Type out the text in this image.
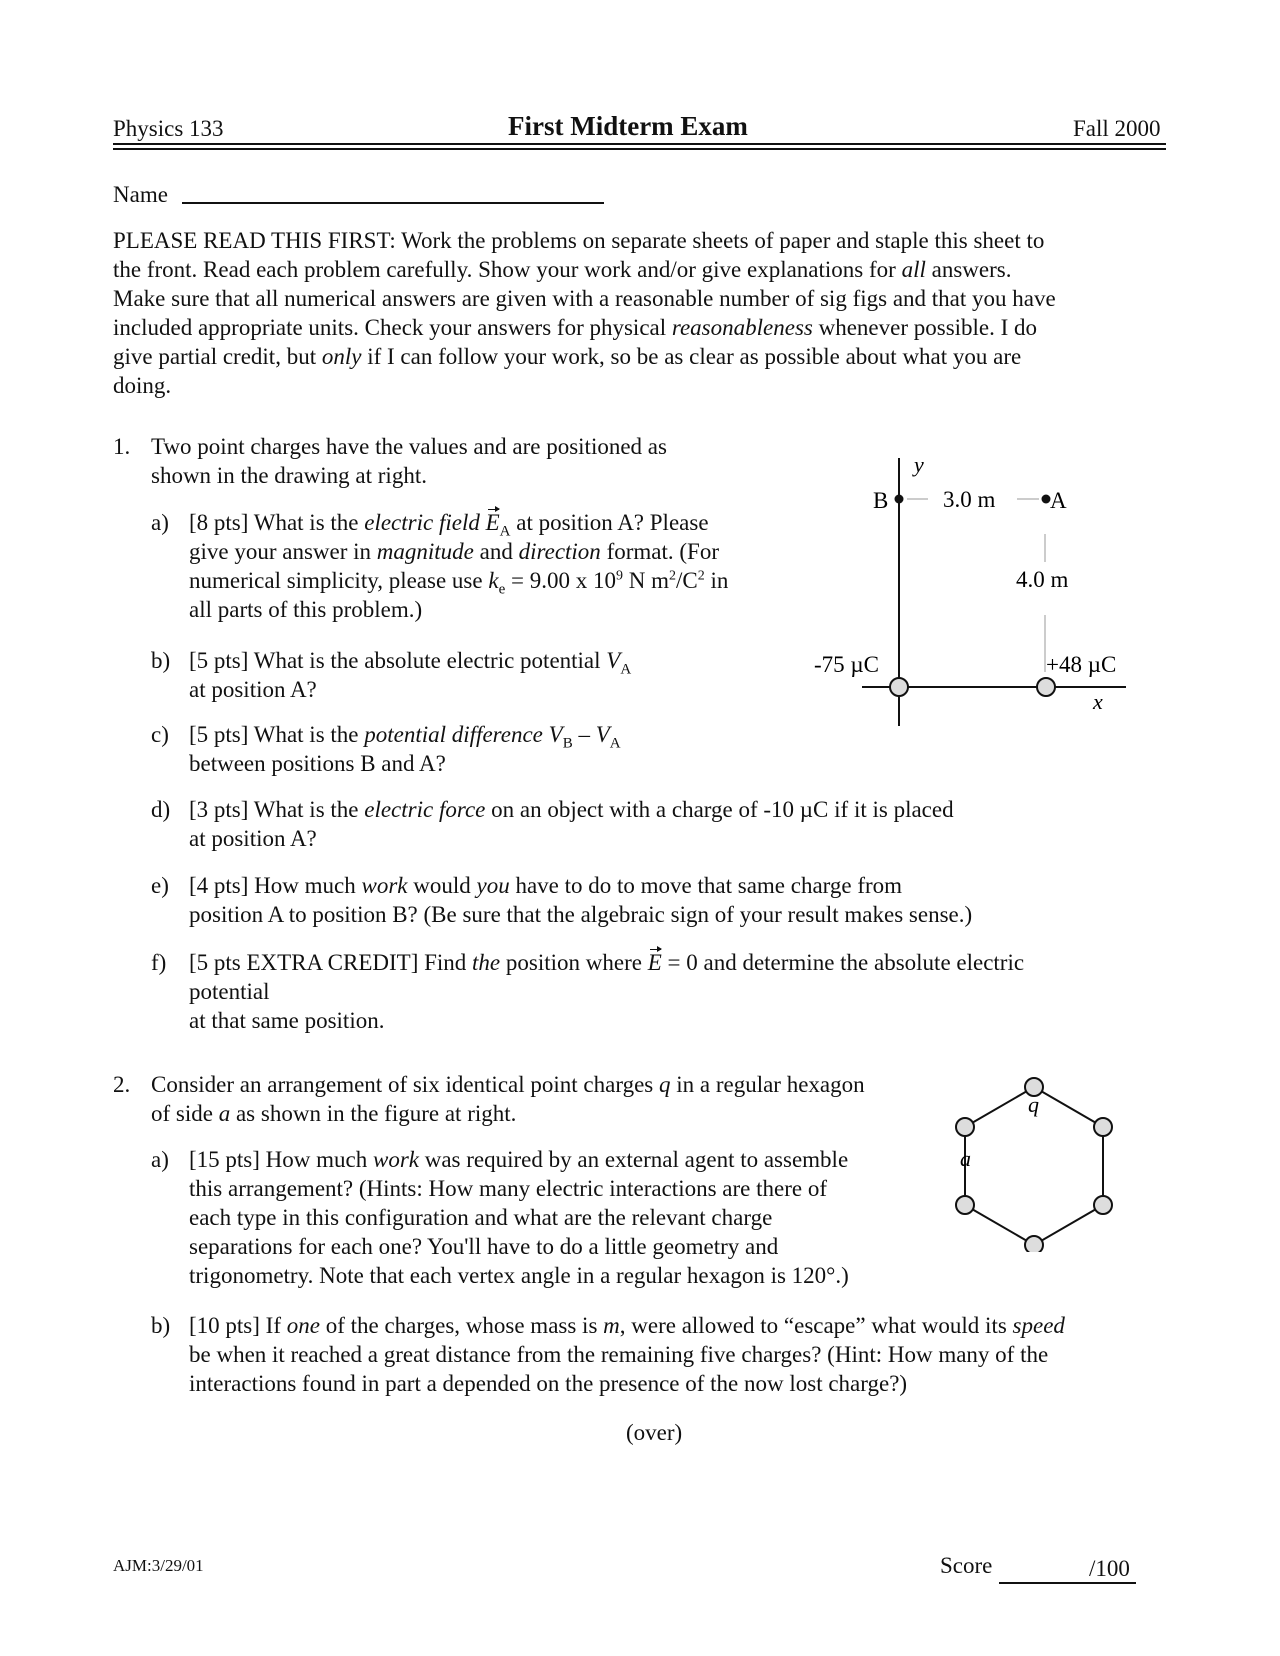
Physics 133	First Midterm Exam	Fall 2000
Name
PLEASE READ THIS FIRST: Work the problems on separate sheets of paper and staple this sheet to
the front. Read each problem carefully. Show your work and/or give explanations for all answers.
Make sure that all numerical answers are given with a reasonable number of sig figs and that you have
included appropriate units. Check your answers for physical reasonableness whenever possible. I do
give partial credit, but only if I can follow your work, so be as clear as possible about what you are
doing.
1. Two point charges have the values and are positioned as
shown in the drawing at right.
a) [8 pts] What is the electric field $E_A$ at position A? Please
give your answer in magnitude and direction format. (For
numerical simplicity, please use $k_e = 9.00$ x $10^9$ N $m^2/C^2$ in
all parts of this problem.)
b) [5 pts] What is the absolute electric potential $V_A$
at position A?
c) [5 pts] What is the potential difference $V_B - V_A$
between positions B and A?
d) [3 pts] What is the electric force on an object with a charge of -10 µC if it is placed
at position A?
e) [4 pts] How much work would you have to do to move that same charge from
position A to position B? (Be sure that the algebraic sign of your result makes sense.)
f) [5 pts EXTRA CREDIT] Find the position where E = 0 and determine the absolute electric
potential
at that same position.
y
x
B	A
3.0 m
4.0 m
-75 µC	+48 µC
2. Consider an arrangement of six identical point charges q in a regular hexagon
of side a as shown in the figure at right.
a) [15 pts] How much work was required by an external agent to assemble
this arrangement? (Hints: How many electric interactions are there of
each type in this configuration and what are the relevant charge
separations for each one? You'll have to do a little geometry and
trigonometry. Note that each vertex angle in a regular hexagon is 120°.)
b) [10 pts] If one of the charges, whose mass is m, were allowed to “escape” what would its speed
be when it reached a great distance from the remaining five charges? (Hint: How many of the
interactions found in part a depended on the presence of the now lost charge?)
q
a
(over)
AJM:3/29/01	Score	/100
